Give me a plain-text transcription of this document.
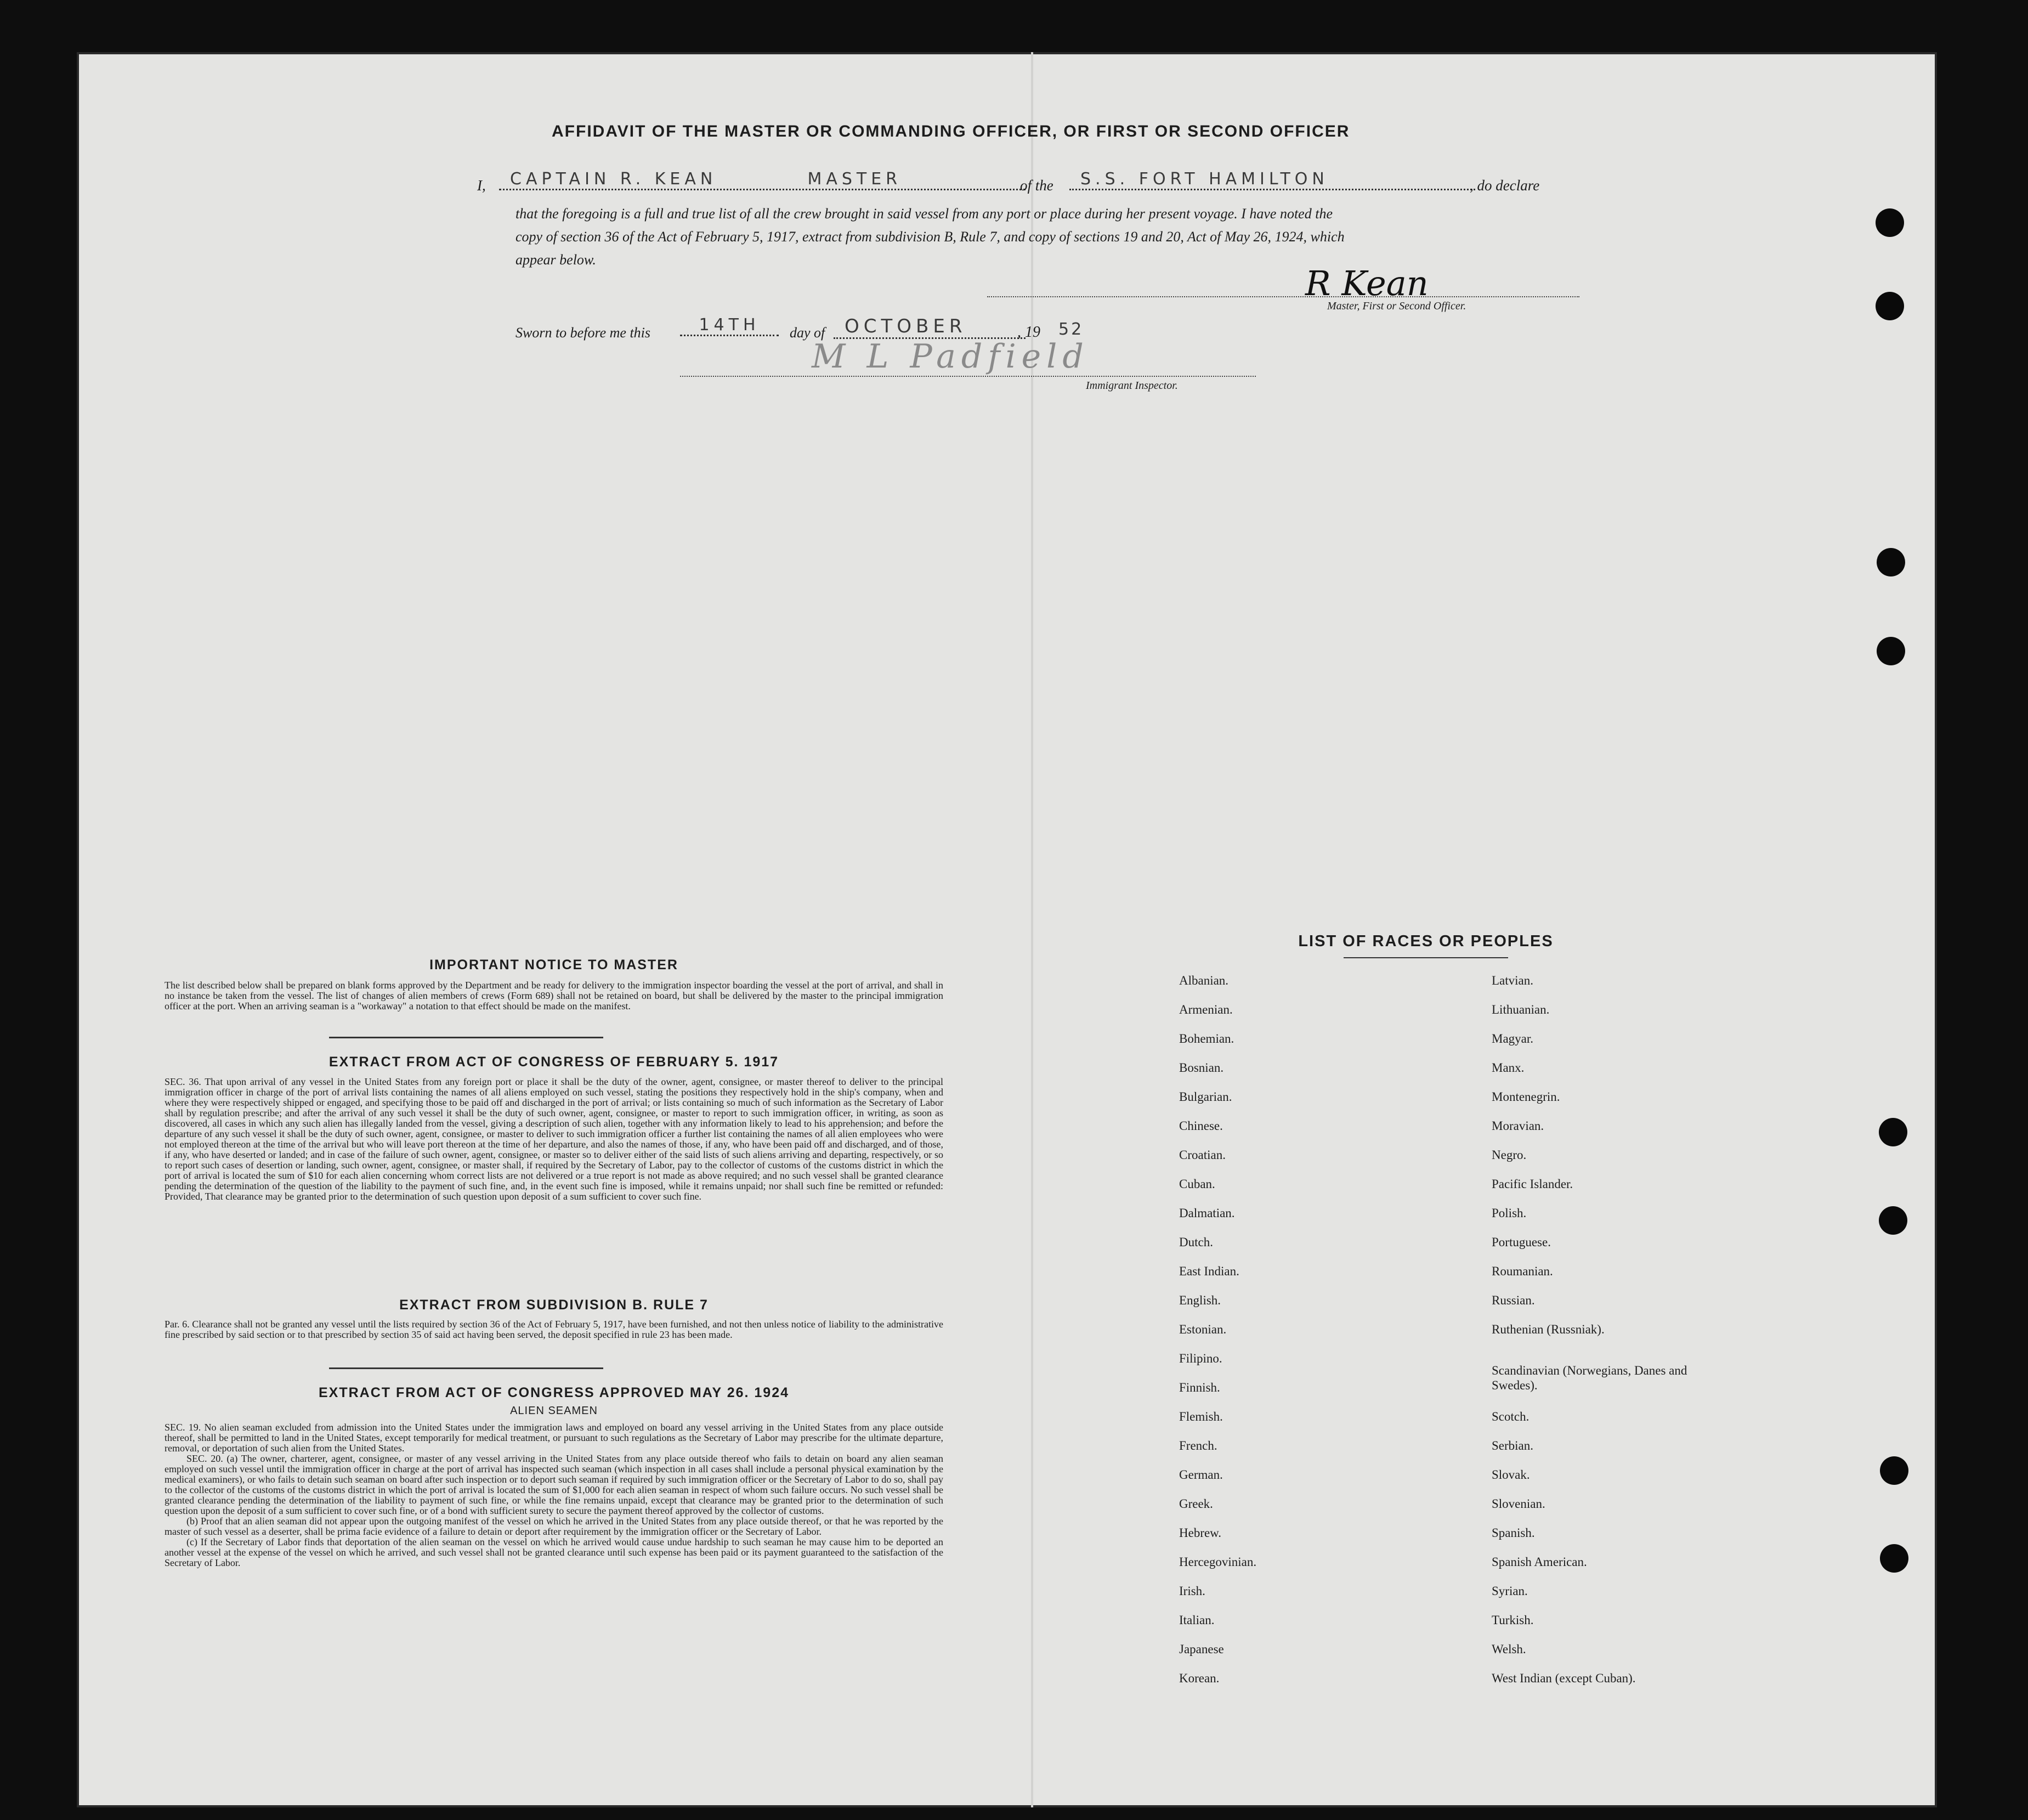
AFFIDAVIT OF THE MASTER OR COMMANDING OFFICER, OR FIRST OR SECOND OFFICER
I,	CAPTAIN R. KEAN	MASTER	of the	S.S. FORT HAMILTON	, do declare
that the foregoing is a full and true list of all the crew brought in said vessel from any port or place during her present voyage. I have noted the
copy of section 36 of the Act of February 5, 1917, extract from subdivision B, Rule 7, and copy of sections 19 and 20, Act of May 26, 1924, which
appear below.
R Kean
Master, First or Second Officer.
Sworn to before me this	14TH	day of	OCTOBER	, 19 52
M L Padfield
Immigrant Inspector.
IMPORTANT NOTICE TO MASTER
The list described below shall be prepared on blank forms approved by the Department and be ready for delivery to the immigration inspector boarding the vessel at the port of arrival, and shall in no instance be taken from the vessel. The list of changes of alien members of crews (Form 689) shall not be retained on board, but shall be delivered by the master to the principal immigration officer at the port. When an arriving seaman is a "workaway" a notation to that effect should be made on the manifest.
EXTRACT FROM ACT OF CONGRESS OF FEBRUARY 5. 1917
SEC. 36. That upon arrival of any vessel in the United States from any foreign port or place it shall be the duty of the owner, agent, consignee, or master thereof to deliver to the principal immigration officer in charge of the port of arrival lists containing the names of all aliens employed on such vessel, stating the positions they respectively hold in the ship's company, when and where they were respectively shipped or engaged, and specifying those to be paid off and discharged in the port of arrival; or lists containing so much of such information as the Secretary of Labor shall by regulation prescribe; and after the arrival of any such vessel it shall be the duty of such owner, agent, consignee, or master to report to such immigration officer, in writing, as soon as discovered, all cases in which any such alien has illegally landed from the vessel, giving a description of such alien, together with any information likely to lead to his apprehension; and before the departure of any such vessel it shall be the duty of such owner, agent, consignee, or master to deliver to such immigration officer a further list containing the names of all alien employees who were not employed thereon at the time of the arrival but who will leave port thereon at the time of her departure, and also the names of those, if any, who have been paid off and discharged, and of those, if any, who have deserted or landed; and in case of the failure of such owner, agent, consignee, or master so to deliver either of the said lists of such aliens arriving and departing, respectively, or so to report such cases of desertion or landing, such owner, agent, consignee, or master shall, if required by the Secretary of Labor, pay to the collector of customs of the customs district in which the port of arrival is located the sum of $10 for each alien concerning whom correct lists are not delivered or a true report is not made as above required; and no such vessel shall be granted clearance pending the determination of the question of the liability to the payment of such fine, and, in the event such fine is imposed, while it remains unpaid; nor shall such fine be remitted or refunded: Provided, That clearance may be granted prior to the determination of such question upon deposit of a sum sufficient to cover such fine.
EXTRACT FROM SUBDIVISION B. RULE 7
Par. 6. Clearance shall not be granted any vessel until the lists required by section 36 of the Act of February 5, 1917, have been furnished, and not then unless notice of liability to the administrative fine prescribed by said section or to that prescribed by section 35 of said act having been served, the deposit specified in rule 23 has been made.
EXTRACT FROM ACT OF CONGRESS APPROVED MAY 26. 1924
ALIEN SEAMEN
SEC. 19. No alien seaman excluded from admission into the United States under the immigration laws and employed on board any vessel arriving in the United States from any place outside thereof, shall be permitted to land in the United States, except temporarily for medical treatment, or pursuant to such regulations as the Secretary of Labor may prescribe for the ultimate departure, removal, or deportation of such alien from the United States.
SEC. 20. (a) The owner, charterer, agent, consignee, or master of any vessel arriving in the United States from any place outside thereof who fails to detain on board any alien seaman employed on such vessel until the immigration officer in charge at the port of arrival has inspected such seaman (which inspection in all cases shall include a personal physical examination by the medical examiners), or who fails to detain such seaman on board after such inspection or to deport such seaman if required by such immigration officer or the Secretary of Labor to do so, shall pay to the collector of the customs of the customs district in which the port of arrival is located the sum of $1,000 for each alien seaman in respect of whom such failure occurs. No such vessel shall be granted clearance pending the determination of the liability to payment of such fine, or while the fine remains unpaid, except that clearance may be granted prior to the determination of such question upon the deposit of a sum sufficient to cover such fine, or of a bond with sufficient surety to secure the payment thereof approved by the collector of customs.
(b) Proof that an alien seaman did not appear upon the outgoing manifest of the vessel on which he arrived in the United States from any place outside thereof, or that he was reported by the master of such vessel as a deserter, shall be prima facie evidence of a failure to detain or deport after requirement by the immigration officer or the Secretary of Labor.
(c) If the Secretary of Labor finds that deportation of the alien seaman on the vessel on which he arrived would cause undue hardship to such seaman he may cause him to be deported an another vessel at the expense of the vessel on which he arrived, and such vessel shall not be granted clearance until such expense has been paid or its payment guaranteed to the satisfaction of the Secretary of Labor.
LIST OF RACES OR PEOPLES
Albanian.
Armenian.
Bohemian.
Bosnian.
Bulgarian.
Chinese.
Croatian.
Cuban.
Dalmatian.
Dutch.
East Indian.
English.
Estonian.
Filipino.
Finnish.
Flemish.
French.
German.
Greek.
Hebrew.
Hercegovinian.
Irish.
Italian.
Japanese
Korean.
Latvian.
Lithuanian.
Magyar.
Manx.
Montenegrin.
Moravian.
Negro.
Pacific Islander.
Polish.
Portuguese.
Roumanian.
Russian.
Ruthenian (Russniak).
Scandinavian (Norwegians, Danes and Swedes).
Scotch.
Serbian.
Slovak.
Slovenian.
Spanish.
Spanish American.
Syrian.
Turkish.
Welsh.
West Indian (except Cuban).
